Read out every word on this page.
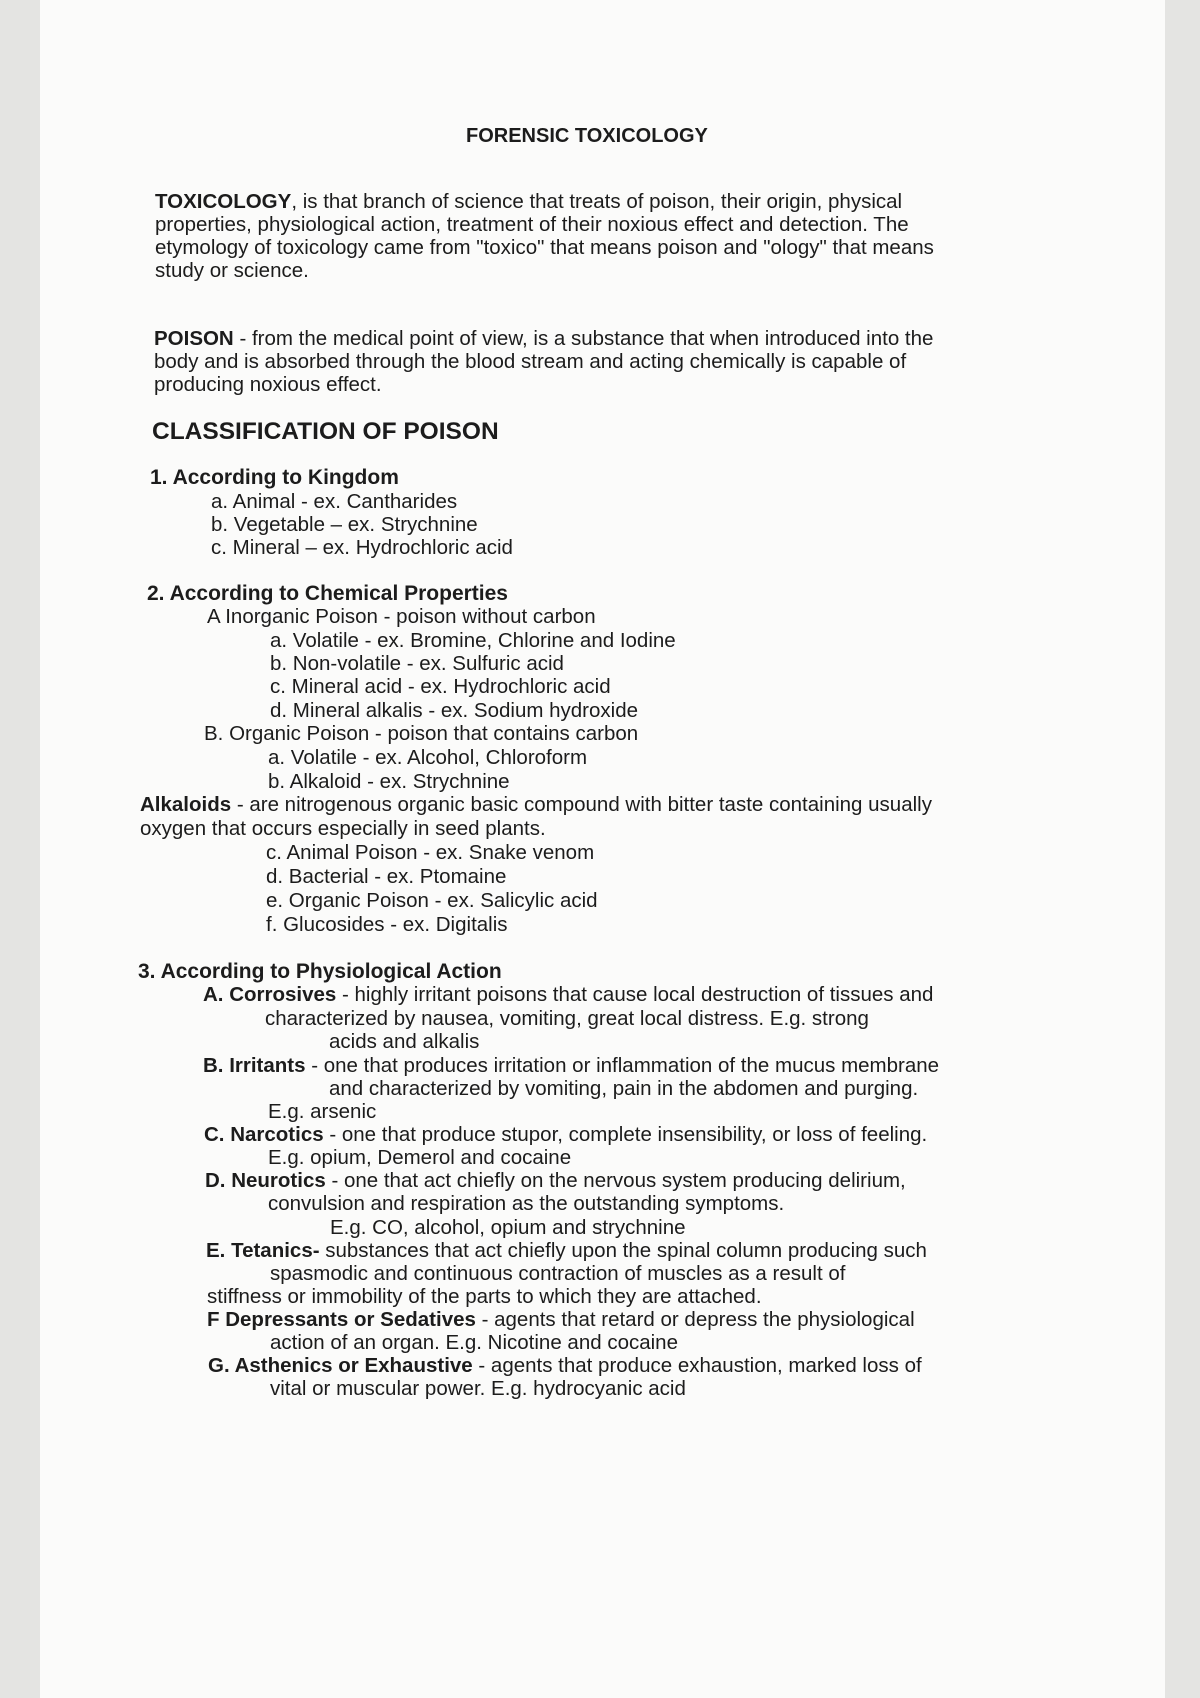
FORENSIC TOXICOLOGY
TOXICOLOGY, is that branch of science that treats of poison, their origin, physical
properties, physiological action, treatment of their noxious effect and detection. The
etymology of toxicology came from "toxico" that means poison and "ology" that means
study or science.
POISON - from the medical point of view, is a substance that when introduced into the
body and is absorbed through the blood stream and acting chemically is capable of
producing noxious effect.
CLASSIFICATION OF POISON
1. According to Kingdom
a. Animal - ex. Cantharides
b. Vegetable – ex. Strychnine
c. Mineral – ex. Hydrochloric acid
2. According to Chemical Properties
A Inorganic Poison - poison without carbon
a. Volatile - ex. Bromine, Chlorine and Iodine
b. Non-volatile - ex. Sulfuric acid
c. Mineral acid - ex. Hydrochloric acid
d. Mineral alkalis - ex. Sodium hydroxide
B. Organic Poison - poison that contains carbon
a. Volatile - ex. Alcohol, Chloroform
b. Alkaloid - ex. Strychnine
Alkaloids - are nitrogenous organic basic compound with bitter taste containing usually
oxygen that occurs especially in seed plants.
c. Animal Poison - ex. Snake venom
d. Bacterial - ex. Ptomaine
e. Organic Poison - ex. Salicylic acid
f. Glucosides - ex. Digitalis
3. According to Physiological Action
A. Corrosives - highly irritant poisons that cause local destruction of tissues and
characterized by nausea, vomiting, great local distress. E.g. strong
acids and alkalis
B. Irritants - one that produces irritation or inflammation of the mucus membrane
and characterized by vomiting, pain in the abdomen and purging.
E.g. arsenic
C. Narcotics - one that produce stupor, complete insensibility, or loss of feeling.
E.g. opium, Demerol and cocaine
D. Neurotics - one that act chiefly on the nervous system producing delirium,
convulsion and respiration as the outstanding symptoms.
E.g. CO, alcohol, opium and strychnine
E. Tetanics- substances that act chiefly upon the spinal column producing such
spasmodic and continuous contraction of muscles as a result of
stiffness or immobility of the parts to which they are attached.
F Depressants or Sedatives - agents that retard or depress the physiological
action of an organ. E.g. Nicotine and cocaine
G. Asthenics or Exhaustive - agents that produce exhaustion, marked loss of
vital or muscular power. E.g. hydrocyanic acid
